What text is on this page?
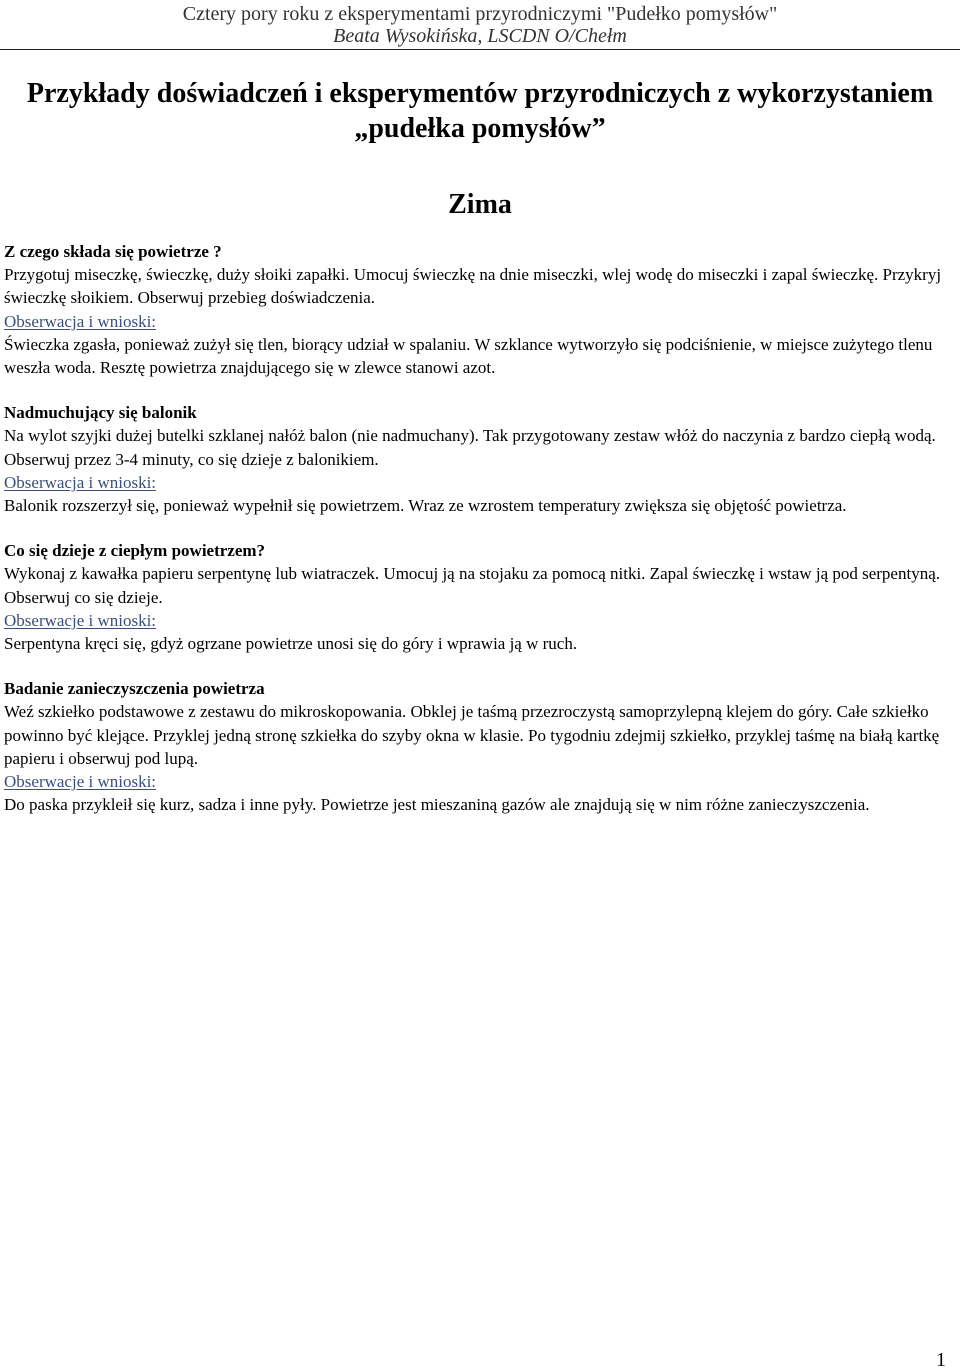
Cztery pory roku z eksperymentami przyrodniczymi "Pudełko pomysłów"
Beata Wysokińska, LSCDN O/Chełm
Przykłady doświadczeń i eksperymentów przyrodniczych z wykorzystaniem
„pudełka pomysłów”
Zima

Z czego składa się powietrze ?

Przygotuj miseczkę, świeczkę, duży słoiki zapałki. Umocuj świeczkę na dnie miseczki, wlej wodę do miseczki i zapal świeczkę. Przykryj świeczkę słoikiem. Obserwuj przebieg doświadczenia.

Obserwacja i wnioski:

Świeczka zgasła, ponieważ zużył się tlen, biorący udział w spalaniu. W szklance wytworzyło się podciśnienie, w miejsce zużytego tlenu weszła woda. Resztę powietrza znajdującego się w zlewce stanowi azot.

Nadmuchujący się balonik

Na wylot szyjki dużej butelki szklanej nałóż balon (nie nadmuchany). Tak przygotowany zestaw włóż do naczynia z bardzo ciepłą wodą. Obserwuj przez 3-4 minuty, co się dzieje z balonikiem.

Obserwacja i wnioski:

Balonik rozszerzył się, ponieważ wypełnił się powietrzem. Wraz ze wzrostem temperatury zwiększa się objętość powietrza.

Co się dzieje z ciepłym powietrzem?

Wykonaj z kawałka papieru serpentynę lub wiatraczek. Umocuj ją na stojaku za pomocą nitki. Zapal świeczkę i wstaw ją pod serpentyną. Obserwuj co się dzieje.

Obserwacje i wnioski:

Serpentyna kręci się, gdyż ogrzane powietrze unosi się do góry i wprawia ją w ruch.

Badanie zanieczyszczenia powietrza

Weź szkiełko podstawowe z zestawu do mikroskopowania. Obklej je taśmą przezroczystą samoprzylepną klejem do góry. Całe szkiełko powinno być klejące. Przyklej jedną stronę szkiełka do szyby okna w klasie. Po tygodniu zdejmij szkiełko, przyklej taśmę na białą kartkę papieru i obserwuj pod lupą.

Obserwacje i wnioski:

Do paska przykleił się kurz, sadza i inne pyły. Powietrze jest mieszaniną gazów ale znajdują się w nim różne zanieczyszczenia.

1
